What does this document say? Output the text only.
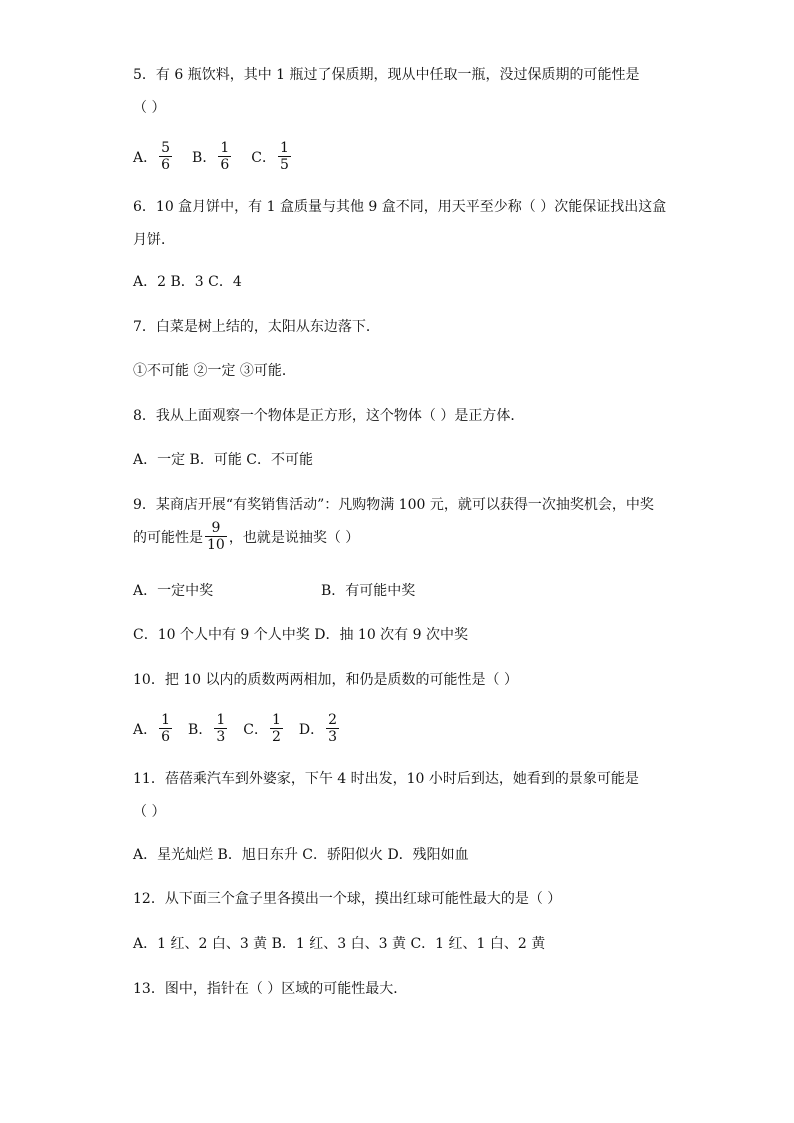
5．有 6 瓶饮料，其中 1 瓶过了保质期，现从中任取一瓶，没过保质期的可能性是
（ ）
A． $\frac{5}{6}$ B． $\frac{1}{6}$ C． $\frac{1}{5}$
6．10 盒月饼中，有 1 盒质量与其他 9 盒不同，用天平至少称（ ）次能保证找出这盒
月饼．
A．2 B．3 C．4
7．白菜是树上结的，太阳从东边落下．
①不可能 ②一定 ③可能．
8．我从上面观察一个物体是正方形，这个物体（ ）是正方体．
A．一定 B．可能 C．不可能
9．某商店开展“有奖销售活动”：凡购物满 100 元，就可以获得一次抽奖机会，中奖
的可能性是 $\frac{9}{10}$ ，也就是说抽奖（ ）
A．一定中奖	B．有可能中奖
C．10 个人中有 9 个人中奖 D．抽 10 次有 9 次中奖
10．把 10 以内的质数两两相加，和仍是质数的可能性是（ ）
A． $\frac{1}{6}$ B． $\frac{1}{3}$ C． $\frac{1}{2}$ D． $\frac{2}{3}$
11．蓓蓓乘汽车到外婆家，下午 4 时出发，10 小时后到达，她看到的景象可能是
（ ）
A．星光灿烂 B．旭日东升 C．骄阳似火 D．残阳如血
12．从下面三个盒子里各摸出一个球，摸出红球可能性最大的是（ ）
A．1 红、2 白、3 黄 B．1 红、3 白、3 黄 C．1 红、1 白、2 黄
13．图中，指针在（ ）区域的可能性最大．
